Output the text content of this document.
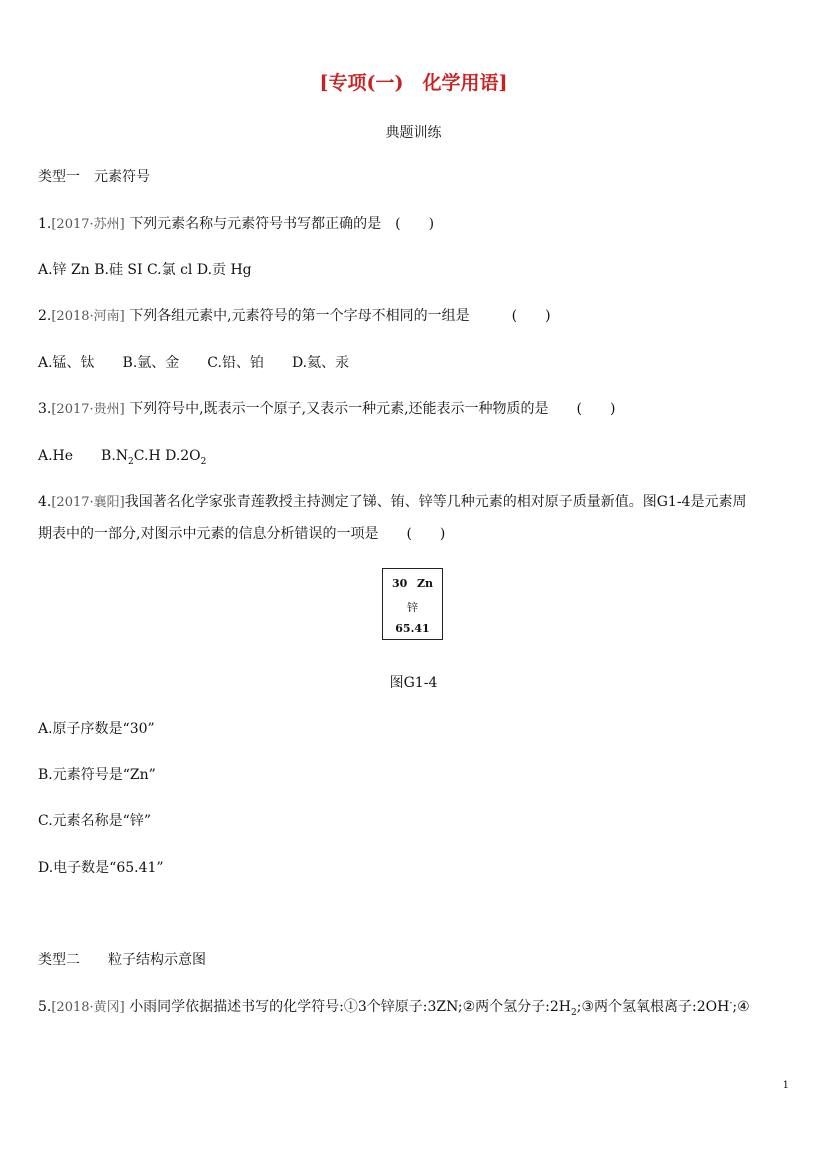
[专项(一)　化学用语]
典题训练
类型一　元素符号
1.[2017·苏州] 下列元素名称与元素符号书写都正确的是　(　　)
A.锌 Zn B.硅 SI C.氯 cl D.贡 Hg
2.[2018·河南] 下列各组元素中,元素符号的第一个字母不相同的一组是　　　(　　)
A.锰、钛　　B.氩、金　　C.铅、铂　　D.氦、汞
3.[2017·贵州] 下列符号中,既表示一个原子,又表示一种元素,还能表示一种物质的是　　(　　)
A.He　　$B.N_2C.H$ $D.2O_2$
4.[2017·襄阳]我国著名化学家张青莲教授主持测定了锑、铕、锌等几种元素的相对原子质量新值。图G1-4是元素周
期表中的一部分,对图示中元素的信息分析错误的一项是　　(　　)
30 Zn
锌
65.41
图G1-4
A.原子序数是“30”
B.元素符号是“Zn”
C.元素名称是“锌”
D.电子数是“65.41”
类型二　　粒子结构示意图
5.[2018·黄冈] 小雨同学依据描述书写的化学符号:①3个锌原子:3ZN;②两个氢分子$:2H_2;③$两个氢氧根离子:2OH-;④
1
